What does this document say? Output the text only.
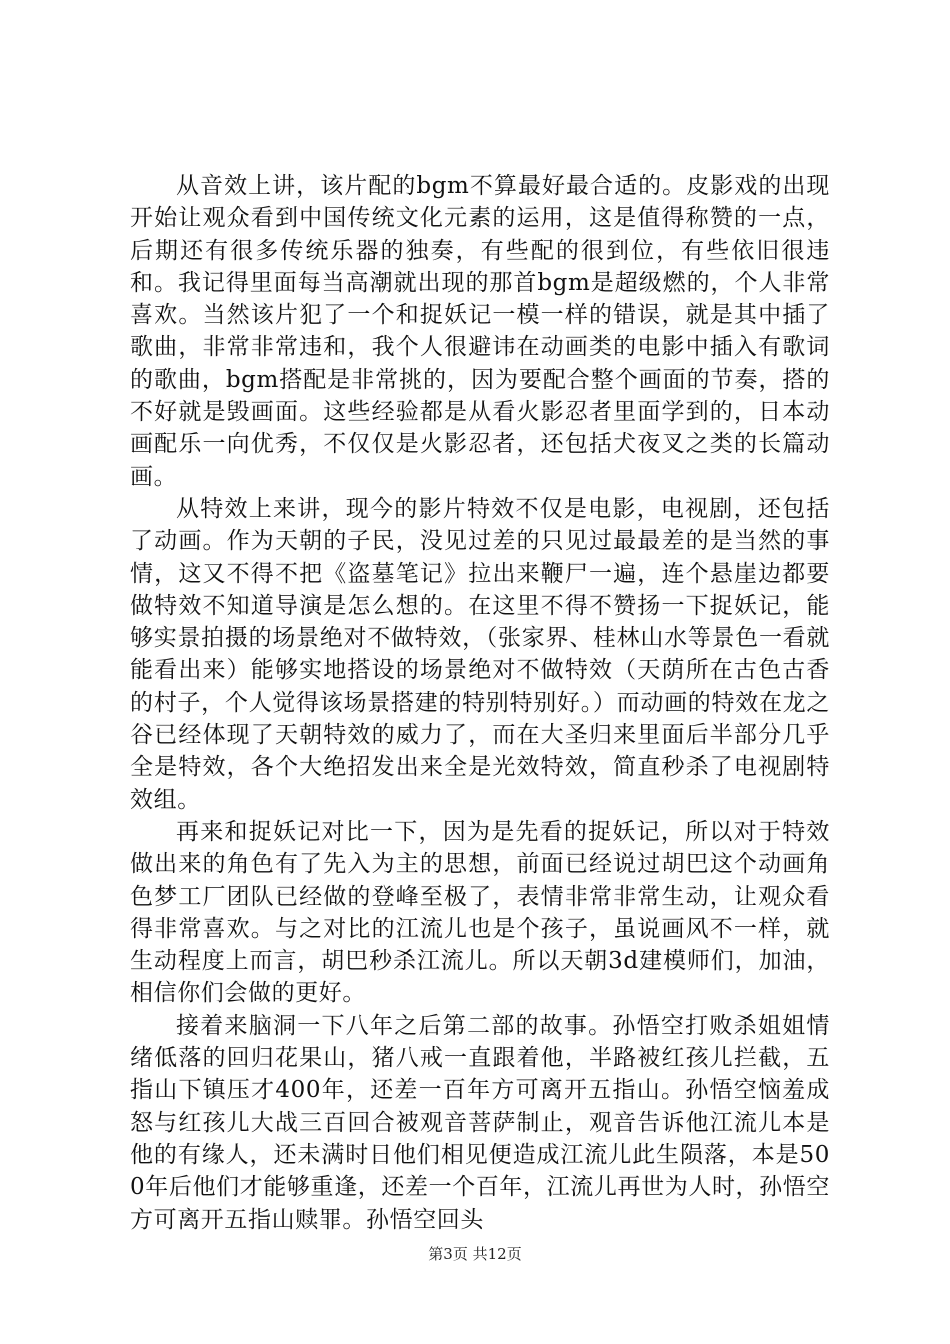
从音效上讲，该片配的bgm不算最好最合适的。皮影戏的出现开始让观众看到中国传统文化元素的运用，这是值得称赞的一点，后期还有很多传统乐器的独奏，有些配的很到位，有些依旧很违和。我记得里面每当高潮就出现的那首bgm是超级燃的，个人非常喜欢。当然该片犯了一个和捉妖记一模一样的错误，就是其中插了歌曲，非常非常违和，我个人很避讳在动画类的电影中插入有歌词的歌曲，bgm搭配是非常挑的，因为要配合整个画面的节奏，搭的不好就是毁画面。这些经验都是从看火影忍者里面学到的，日本动画配乐一向优秀，不仅仅是火影忍者，还包括犬夜叉之类的长篇动画。

从特效上来讲，现今的影片特效不仅是电影，电视剧，还包括了动画。作为天朝的子民，没见过差的只见过最最差的是当然的事情，这又不得不把《盗墓笔记》拉出来鞭尸一遍，连个悬崖边都要做特效不知道导演是怎么想的。在这里不得不赞扬一下捉妖记，能够实景拍摄的场景绝对不做特效，（张家界、桂林山水等景色一看就能看出来）能够实地搭设的场景绝对不做特效（天荫所在古色古香的村子，个人觉得该场景搭建的特别特别好。）而动画的特效在龙之谷已经体现了天朝特效的威力了，而在大圣归来里面后半部分几乎全是特效，各个大绝招发出来全是光效特效，简直秒杀了电视剧特效组。

再来和捉妖记对比一下，因为是先看的捉妖记，所以对于特效做出来的角色有了先入为主的思想，前面已经说过胡巴这个动画角色梦工厂团队已经做的登峰至极了，表情非常非常生动，让观众看得非常喜欢。与之对比的江流儿也是个孩子，虽说画风不一样，就生动程度上而言，胡巴秒杀江流儿。所以天朝3d建模师们，加油，相信你们会做的更好。

接着来脑洞一下八年之后第二部的故事。孙悟空打败杀姐姐情绪低落的回归花果山，猪八戒一直跟着他，半路被红孩儿拦截，五指山下镇压才400年，还差一百年方可离开五指山。孙悟空恼羞成怒与红孩儿大战三百回合被观音菩萨制止，观音告诉他江流儿本是他的有缘人，还未满时日他们相见便造成江流儿此生陨落，本是500年后他们才能够重逢，还差一个百年，江流儿再世为人时，孙悟空方可离开五指山赎罪。孙悟空回头

第3页 共12页
